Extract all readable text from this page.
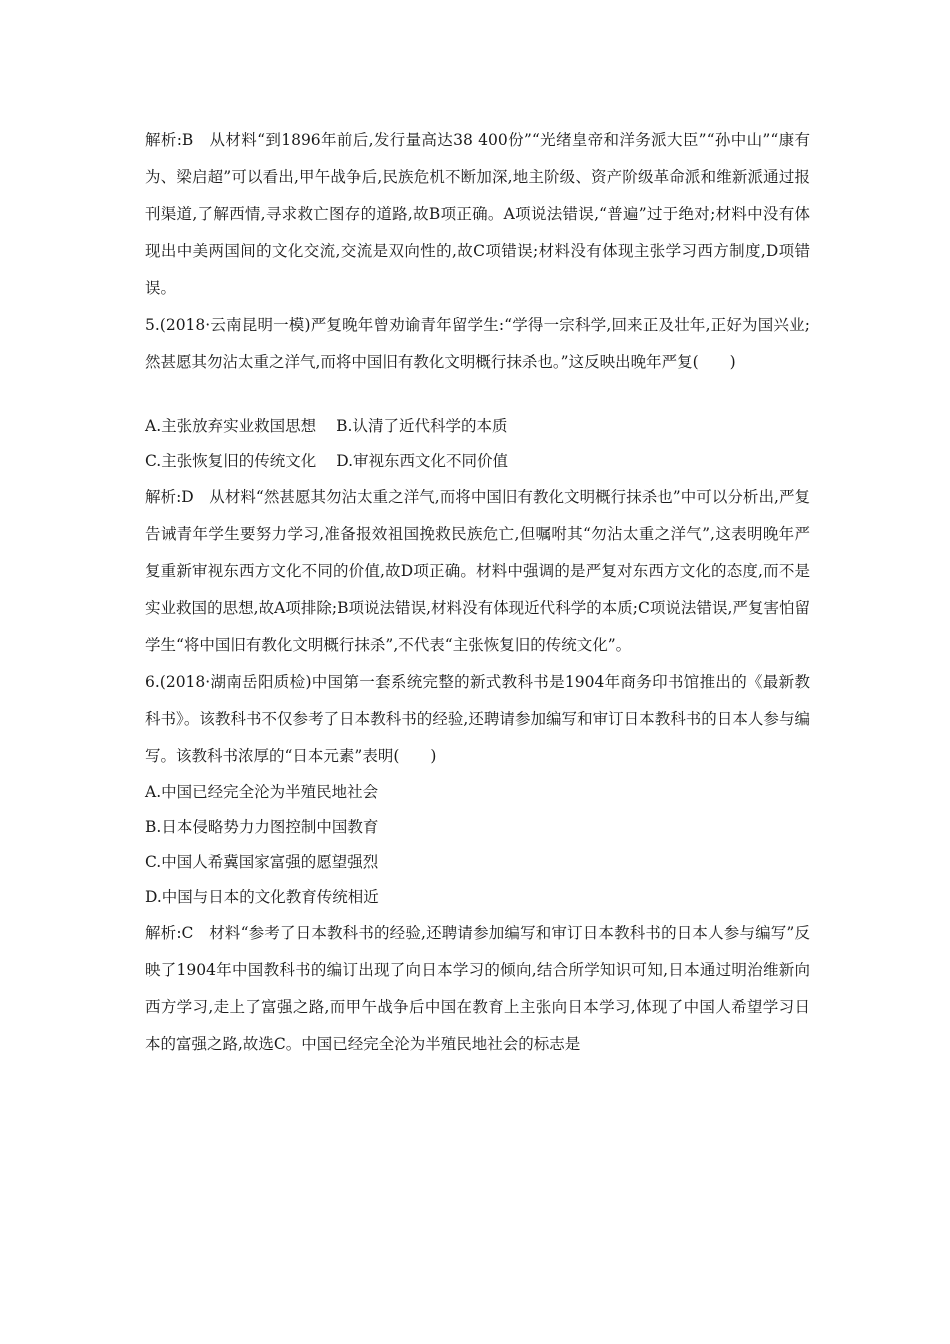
解析:B　从材料“到1896年前后,发行量高达38 400份”“光绪皇帝和洋务派大臣”“孙中山”“康有为、梁启超”可以看出,甲午战争后,民族危机不断加深,地主阶级、资产阶级革命派和维新派通过报刊渠道,了解西情,寻求救亡图存的道路,故B项正确。A项说法错误,“普遍”过于绝对;材料中没有体现出中美两国间的文化交流,交流是双向性的,故C项错误;材料没有体现主张学习西方制度,D项错误。

5.(2018·云南昆明一模)严复晚年曾劝谕青年留学生:“学得一宗科学,回来正及壮年,正好为国兴业;然甚愿其勿沾太重之洋气,而将中国旧有教化文明概行抹杀也。”这反映出晚年严复(　　)

A.主张放弃实业救国思想 B.认清了近代科学的本质
C.主张恢复旧的传统文化 D.审视东西文化不同价值

解析:D　从材料“然甚愿其勿沾太重之洋气,而将中国旧有教化文明概行抹杀也”中可以分析出,严复告诫青年学生要努力学习,准备报效祖国挽救民族危亡,但嘱咐其“勿沾太重之洋气”,这表明晚年严复重新审视东西方文化不同的价值,故D项正确。材料中强调的是严复对东西方文化的态度,而不是实业救国的思想,故A项排除;B项说法错误,材料没有体现近代科学的本质;C项说法错误,严复害怕留学生“将中国旧有教化文明概行抹杀”,不代表“主张恢复旧的传统文化”。

6.(2018·湖南岳阳质检)中国第一套系统完整的新式教科书是1904年商务印书馆推出的《最新教科书》。该教科书不仅参考了日本教科书的经验,还聘请参加编写和审订日本教科书的日本人参与编写。该教科书浓厚的“日本元素”表明(　　)

A.中国已经完全沦为半殖民地社会

B.日本侵略势力力图控制中国教育

C.中国人希冀国家富强的愿望强烈

D.中国与日本的文化教育传统相近

解析:C　材料“参考了日本教科书的经验,还聘请参加编写和审订日本教科书的日本人参与编写”反映了1904年中国教科书的编订出现了向日本学习的倾向,结合所学知识可知,日本通过明治维新向西方学习,走上了富强之路,而甲午战争后中国在教育上主张向日本学习,体现了中国人希望学习日本的富强之路,故选C。中国已经完全沦为半殖民地社会的标志是
